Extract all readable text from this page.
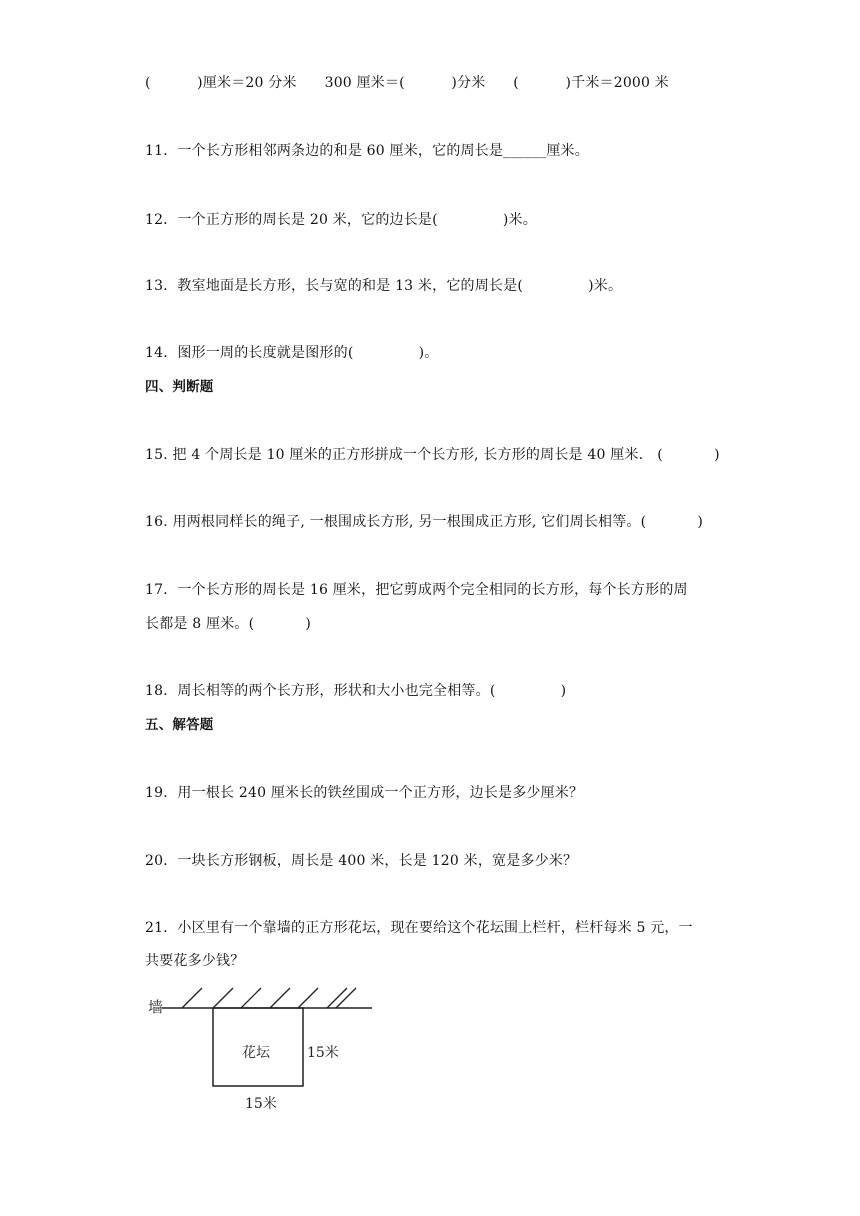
(          )厘米＝20 分米      300 厘米＝(          )分米      (          )千米＝2000 米
11．一个长方形相邻两条边的和是 60 厘米，它的周长是______厘米。
12．一个正方形的周长是 20 米，它的边长是(              )米。
13．教室地面是长方形，长与宽的和是 13 米，它的周长是(              )米。
14．图形一周的长度就是图形的(              )。
四、判断题
15. 把 4 个周长是 10 厘米的正方形拼成一个长方形, 长方形的周长是 40 厘米.   (           )
16. 用两根同样长的绳子, 一根围成长方形, 另一根围成正方形, 它们周长相等。(           )
17．一个长方形的周长是 16 厘米，把它剪成两个完全相同的长方形，每个长方形的周
长都是 8 厘米。(           )
18．周长相等的两个长方形，形状和大小也完全相等。(              )
五、解答题
19．用一根长 240 厘米长的铁丝围成一个正方形，边长是多少厘米？
20．一块长方形钢板，周长是 400 米，长是 120 米，宽是多少米？
21．小区里有一个靠墙的正方形花坛，现在要给这个花坛围上栏杆，栏杆每米 5 元，一
共要花多少钱？
墙
花坛	15米
15米
